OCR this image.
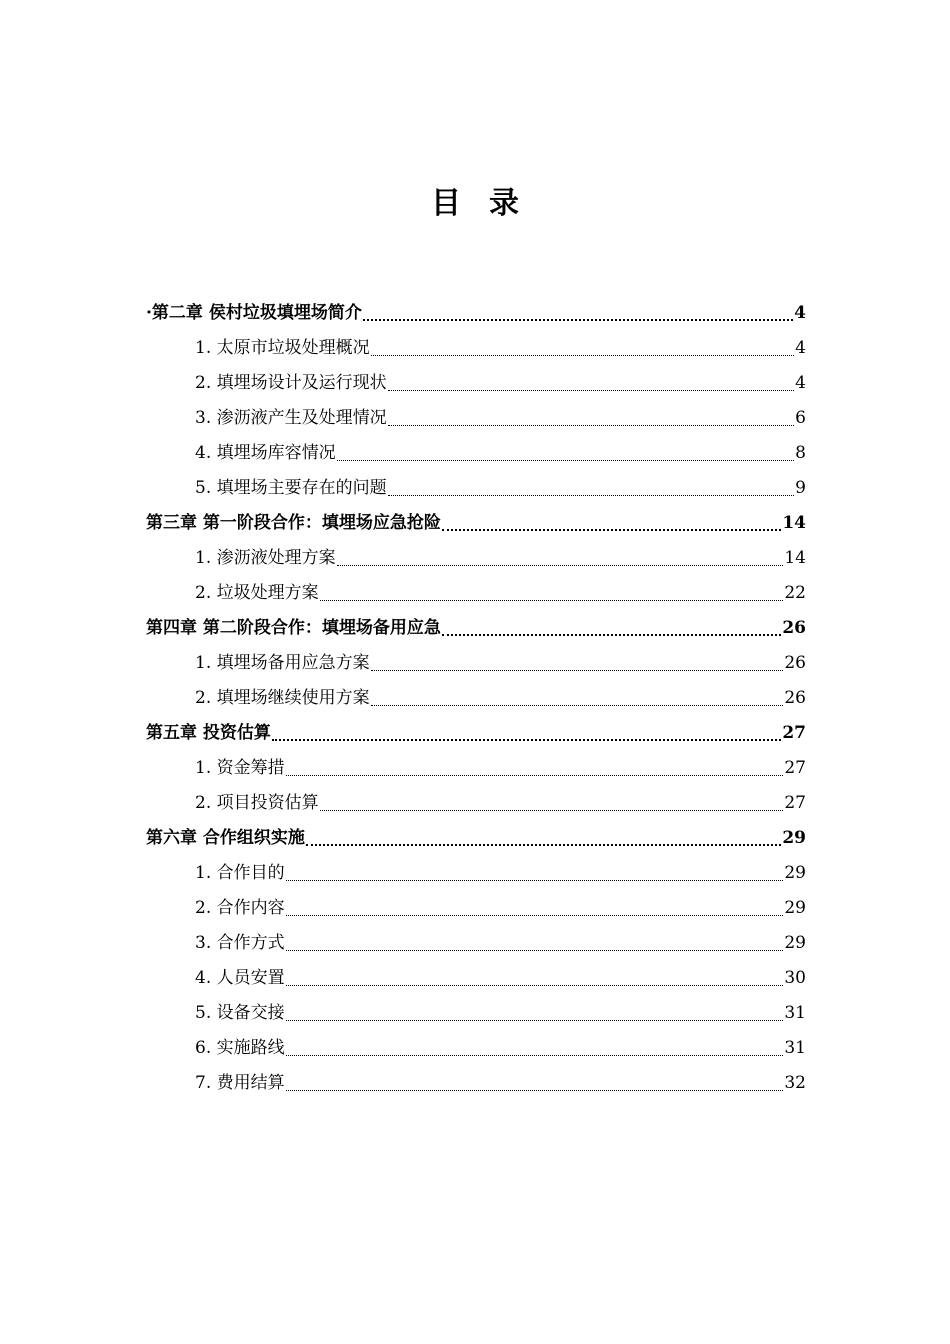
目 录
·第二章 侯村垃圾填埋场简介	4
1. 太原市垃圾处理概况	4
2. 填埋场设计及运行现状	4
3. 渗沥液产生及处理情况	6
4. 填埋场库容情况	8
5. 填埋场主要存在的问题	9
第三章 第一阶段合作：填埋场应急抢险	14
1. 渗沥液处理方案	14
2. 垃圾处理方案	22
第四章 第二阶段合作：填埋场备用应急	26
1. 填埋场备用应急方案	26
2. 填埋场继续使用方案	26
第五章 投资估算	27
1. 资金筹措	27
2. 项目投资估算	27
第六章 合作组织实施	29
1. 合作目的	29
2. 合作内容	29
3. 合作方式	29
4. 人员安置	30
5. 设备交接	31
6. 实施路线	31
7. 费用结算	32
